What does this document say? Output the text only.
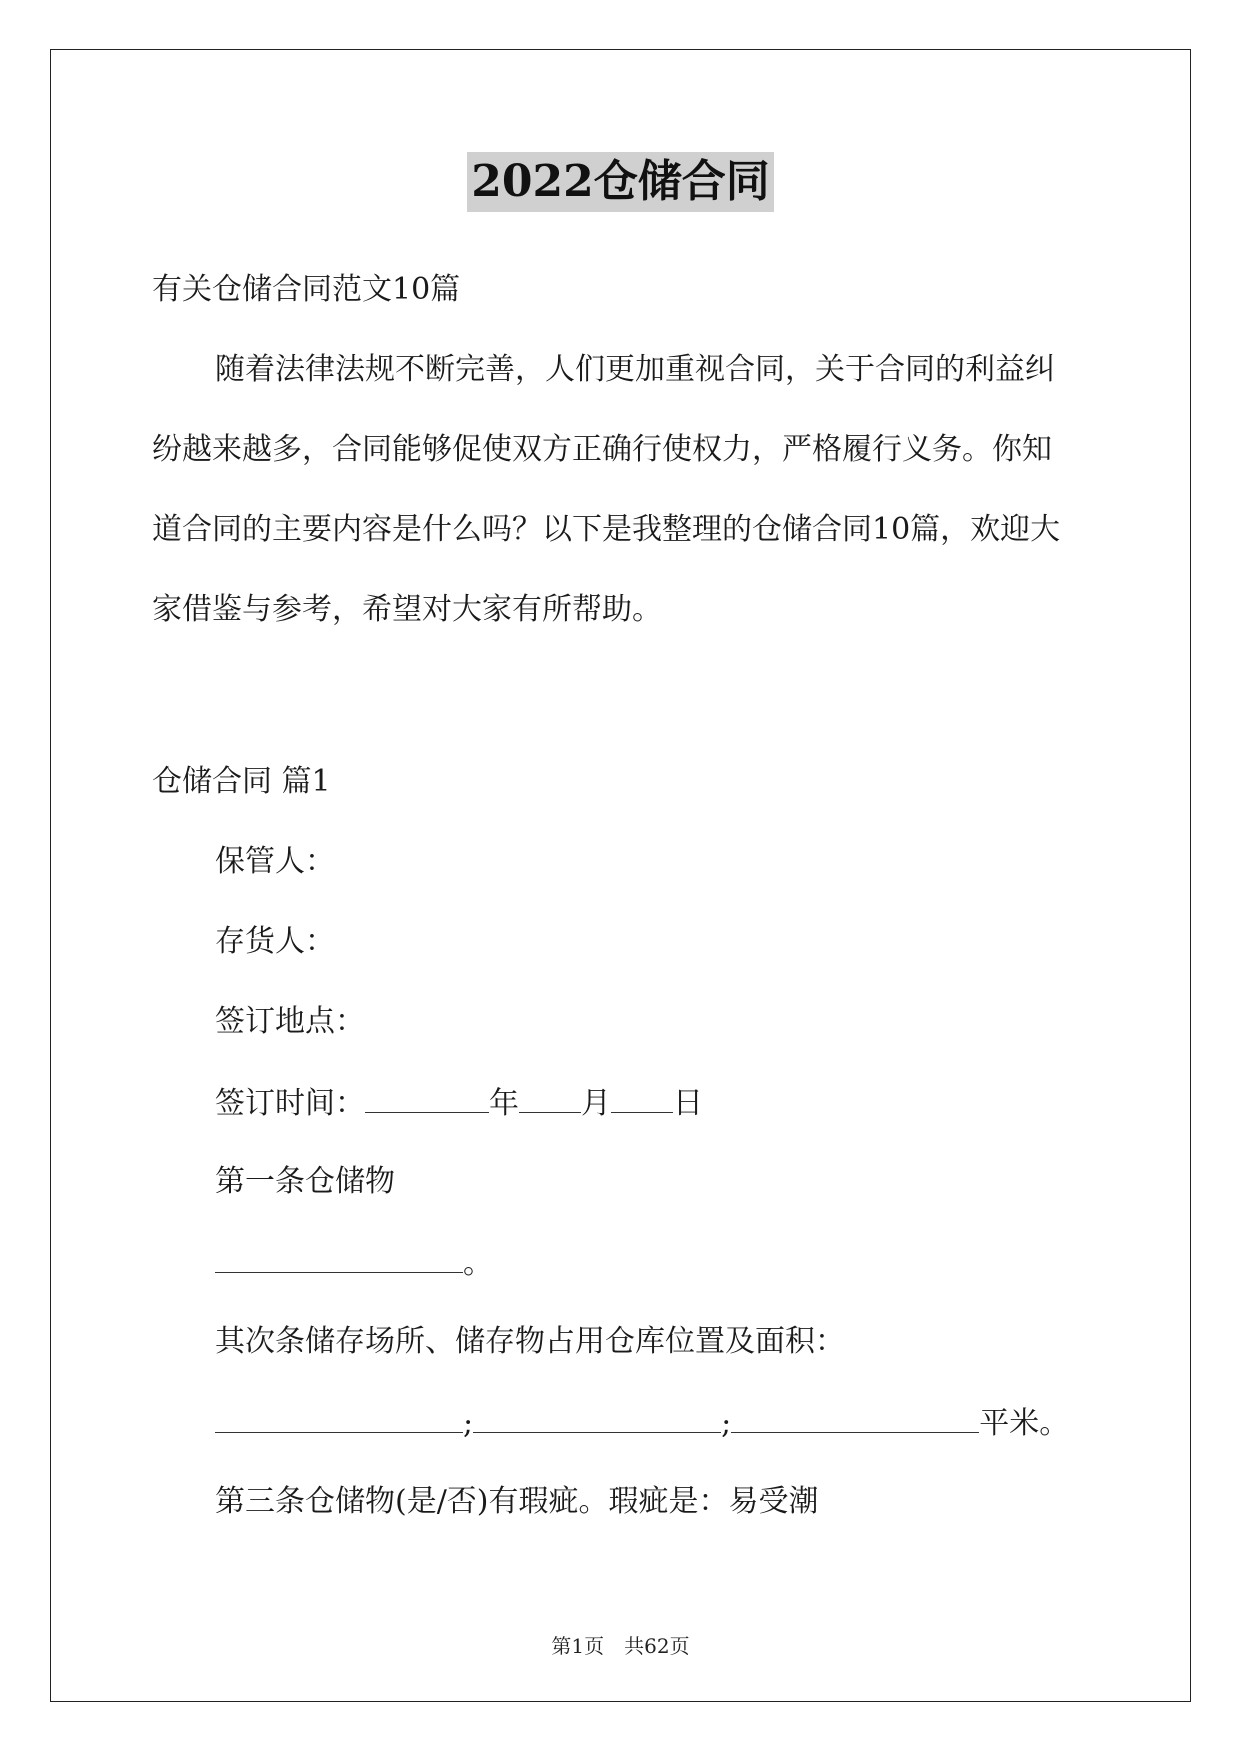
2022仓储合同
有关仓储合同范文10篇
随着法律法规不断完善，人们更加重视合同，关于合同的利益纠
纷越来越多，合同能够促使双方正确行使权力，严格履行义务。你知
道合同的主要内容是什么吗？以下是我整理的仓储合同10篇，欢迎大
家借鉴与参考，希望对大家有所帮助。
仓储合同 篇1
保管人：
存货人：
签订地点：
签订时间：	年 月 日
第一条仓储物
。
其次条储存场所、储存物占用仓库位置及面积：
;	;	平米。
第三条仓储物(是/否)有瑕疵。瑕疵是：易受潮
第1页　共62页
